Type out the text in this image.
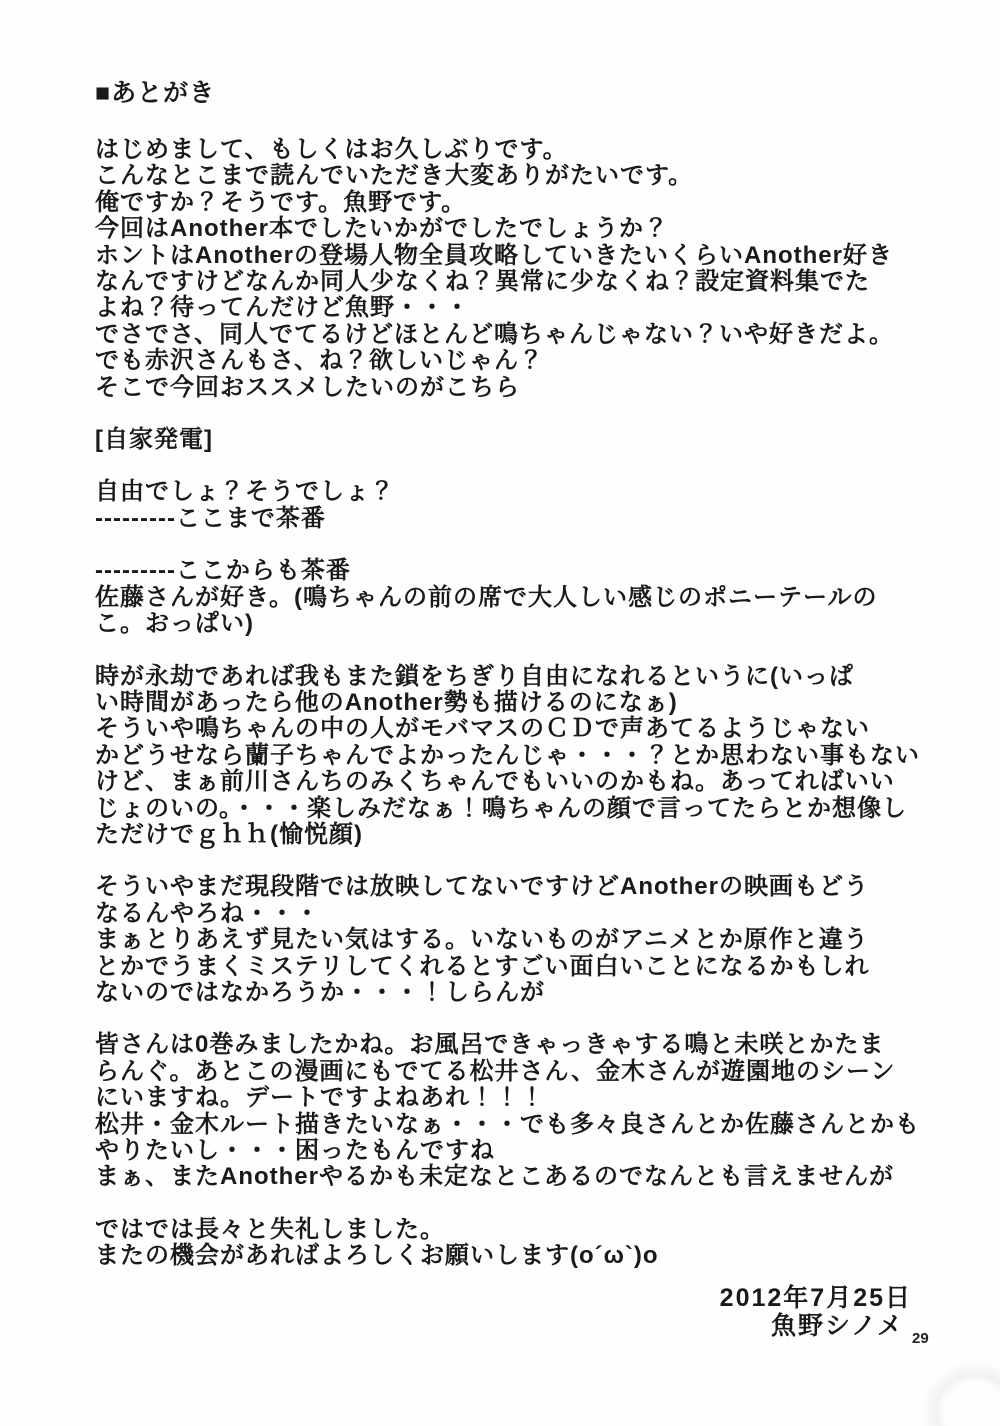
■あとがき
はじめまして、もしくはお久しぶりです。
こんなとこまで読んでいただき大変ありがたいです。
俺ですか？そうです。魚野です。
今回はAnother本でしたいかがでしたでしょうか？
ホントはAnotherの登場人物全員攻略していきたいくらいAnother好き
なんですけどなんか同人少なくね？異常に少なくね？設定資料集でた
よね？待ってんだけど魚野・・・
でさでさ、同人でてるけどほとんど鳴ちゃんじゃない？いや好きだよ。
でも赤沢さんもさ、ね？欲しいじゃん？
そこで今回おススメしたいのがこちら
[自家発電]
自由でしょ？そうでしょ？
---------ここまで茶番
---------ここからも茶番
佐藤さんが好き。(鳴ちゃんの前の席で大人しい感じのポニーテールの
こ。おっぱい)
時が永劫であれば我もまた鎖をちぎり自由になれるというに(いっぱ
い時間があったら他のAnother勢も描けるのになぁ)
そういや鳴ちゃんの中の人がモバマスのＣＤで声あてるようじゃない
かどうせなら蘭子ちゃんでよかったんじゃ・・・？とか思わない事もない
けど、まぁ前川さんちのみくちゃんでもいいのかもね。あってればいい
じょのいの。・・・楽しみだなぁ！鳴ちゃんの顔で言ってたらとか想像し
ただけでｇｈｈ(愉悦顔)
そういやまだ現段階では放映してないですけどAnotherの映画もどう
なるんやろね・・・
まぁとりあえず見たい気はする。いないものがアニメとか原作と違う
とかでうまくミステリしてくれるとすごい面白いことになるかもしれ
ないのではなかろうか・・・！しらんが
皆さんは0巻みましたかね。お風呂できゃっきゃする鳴と未咲とかたま
らんぐ。あとこの漫画にもでてる松井さん、金木さんが遊園地のシーン
にいますね。デートですよねあれ！！！
松井・金木ルート描きたいなぁ・・・でも多々良さんとか佐藤さんとかも
やりたいし・・・困ったもんですね
まぁ、またAnotherやるかも未定なとこあるのでなんとも言えませんが
ではでは長々と失礼しました。
またの機会があればよろしくお願いします(o´ω`)o
2012年7月25日
魚野シノメ 29
